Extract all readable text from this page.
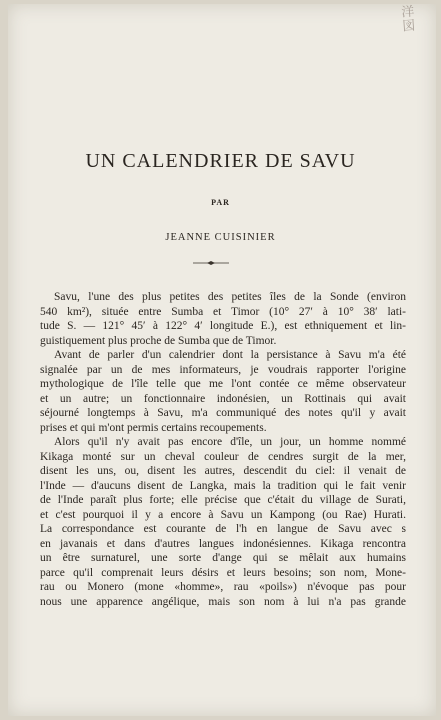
洋
図
UN CALENDRIER DE SAVU
PAR
JEANNE CUISINIER
Savu, l'une des plus petites des petites îles de la Sonde (environ
540 km²), située entre Sumba et Timor (10° 27′ à 10° 38′ lati-
tude S. — 121° 45′ à 122° 4′ longitude E.), est ethniquement et lin-
guistiquement plus proche de Sumba que de Timor.
Avant de parler d'un calendrier dont la persistance à Savu m'a été
signalée par un de mes informateurs, je voudrais rapporter l'origine
mythologique de l'île telle que me l'ont contée ce même observateur
et un autre; un fonctionnaire indonésien, un Rottinais qui avait
séjourné longtemps à Savu, m'a communiqué des notes qu'il y avait
prises et qui m'ont permis certains recoupements.
Alors qu'il n'y avait pas encore d'île, un jour, un homme nommé
Kikaga monté sur un cheval couleur de cendres surgit de la mer,
disent les uns, ou, disent les autres, descendit du ciel: il venait de
l'Inde — d'aucuns disent de Langka, mais la tradition qui le fait venir
de l'Inde paraît plus forte; elle précise que c'était du village de Surati,
et c'est pourquoi il y a encore à Savu un Kampong (ou Rae) Hurati.
La correspondance est courante de l'h en langue de Savu avec s
en javanais et dans d'autres langues indonésiennes. Kikaga rencontra
un être surnaturel, une sorte d'ange qui se mêlait aux humains
parce qu'il comprenait leurs désirs et leurs besoins; son nom, Mone-
rau ou Monero (mone «homme», rau «poils») n'évoque pas pour
nous une apparence angélique, mais son nom à lui n'a pas grande
